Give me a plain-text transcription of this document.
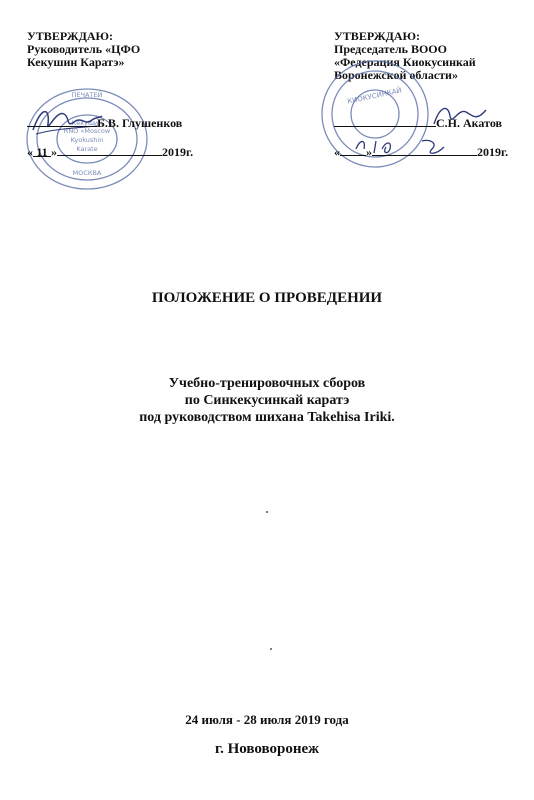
УТВЕРЖДАЮ:
Руководитель «ЦФО
Кекушин Каратэ»
RNO «Moscow
Kyokushin
Karate
Кекушин
МОСКВА
ПЕЧАТЕЙ
Б.В. Глушенков
« 11 »	2019г.
УТВЕРЖДАЮ:
Председатель ВООО
«Федерация Киокусинкай
Воронежской области»
КИОКУСИНКАЙ
С.Н. Акатов
« »	2019г.
ПОЛОЖЕНИЕ О ПРОВЕДЕНИИ
Учебно-тренировочных сборов
по Синкекусинкай каратэ
под руководством шихана Takehisa Iriki.
24 июля - 28 июля 2019 года
г. Нововоронеж
